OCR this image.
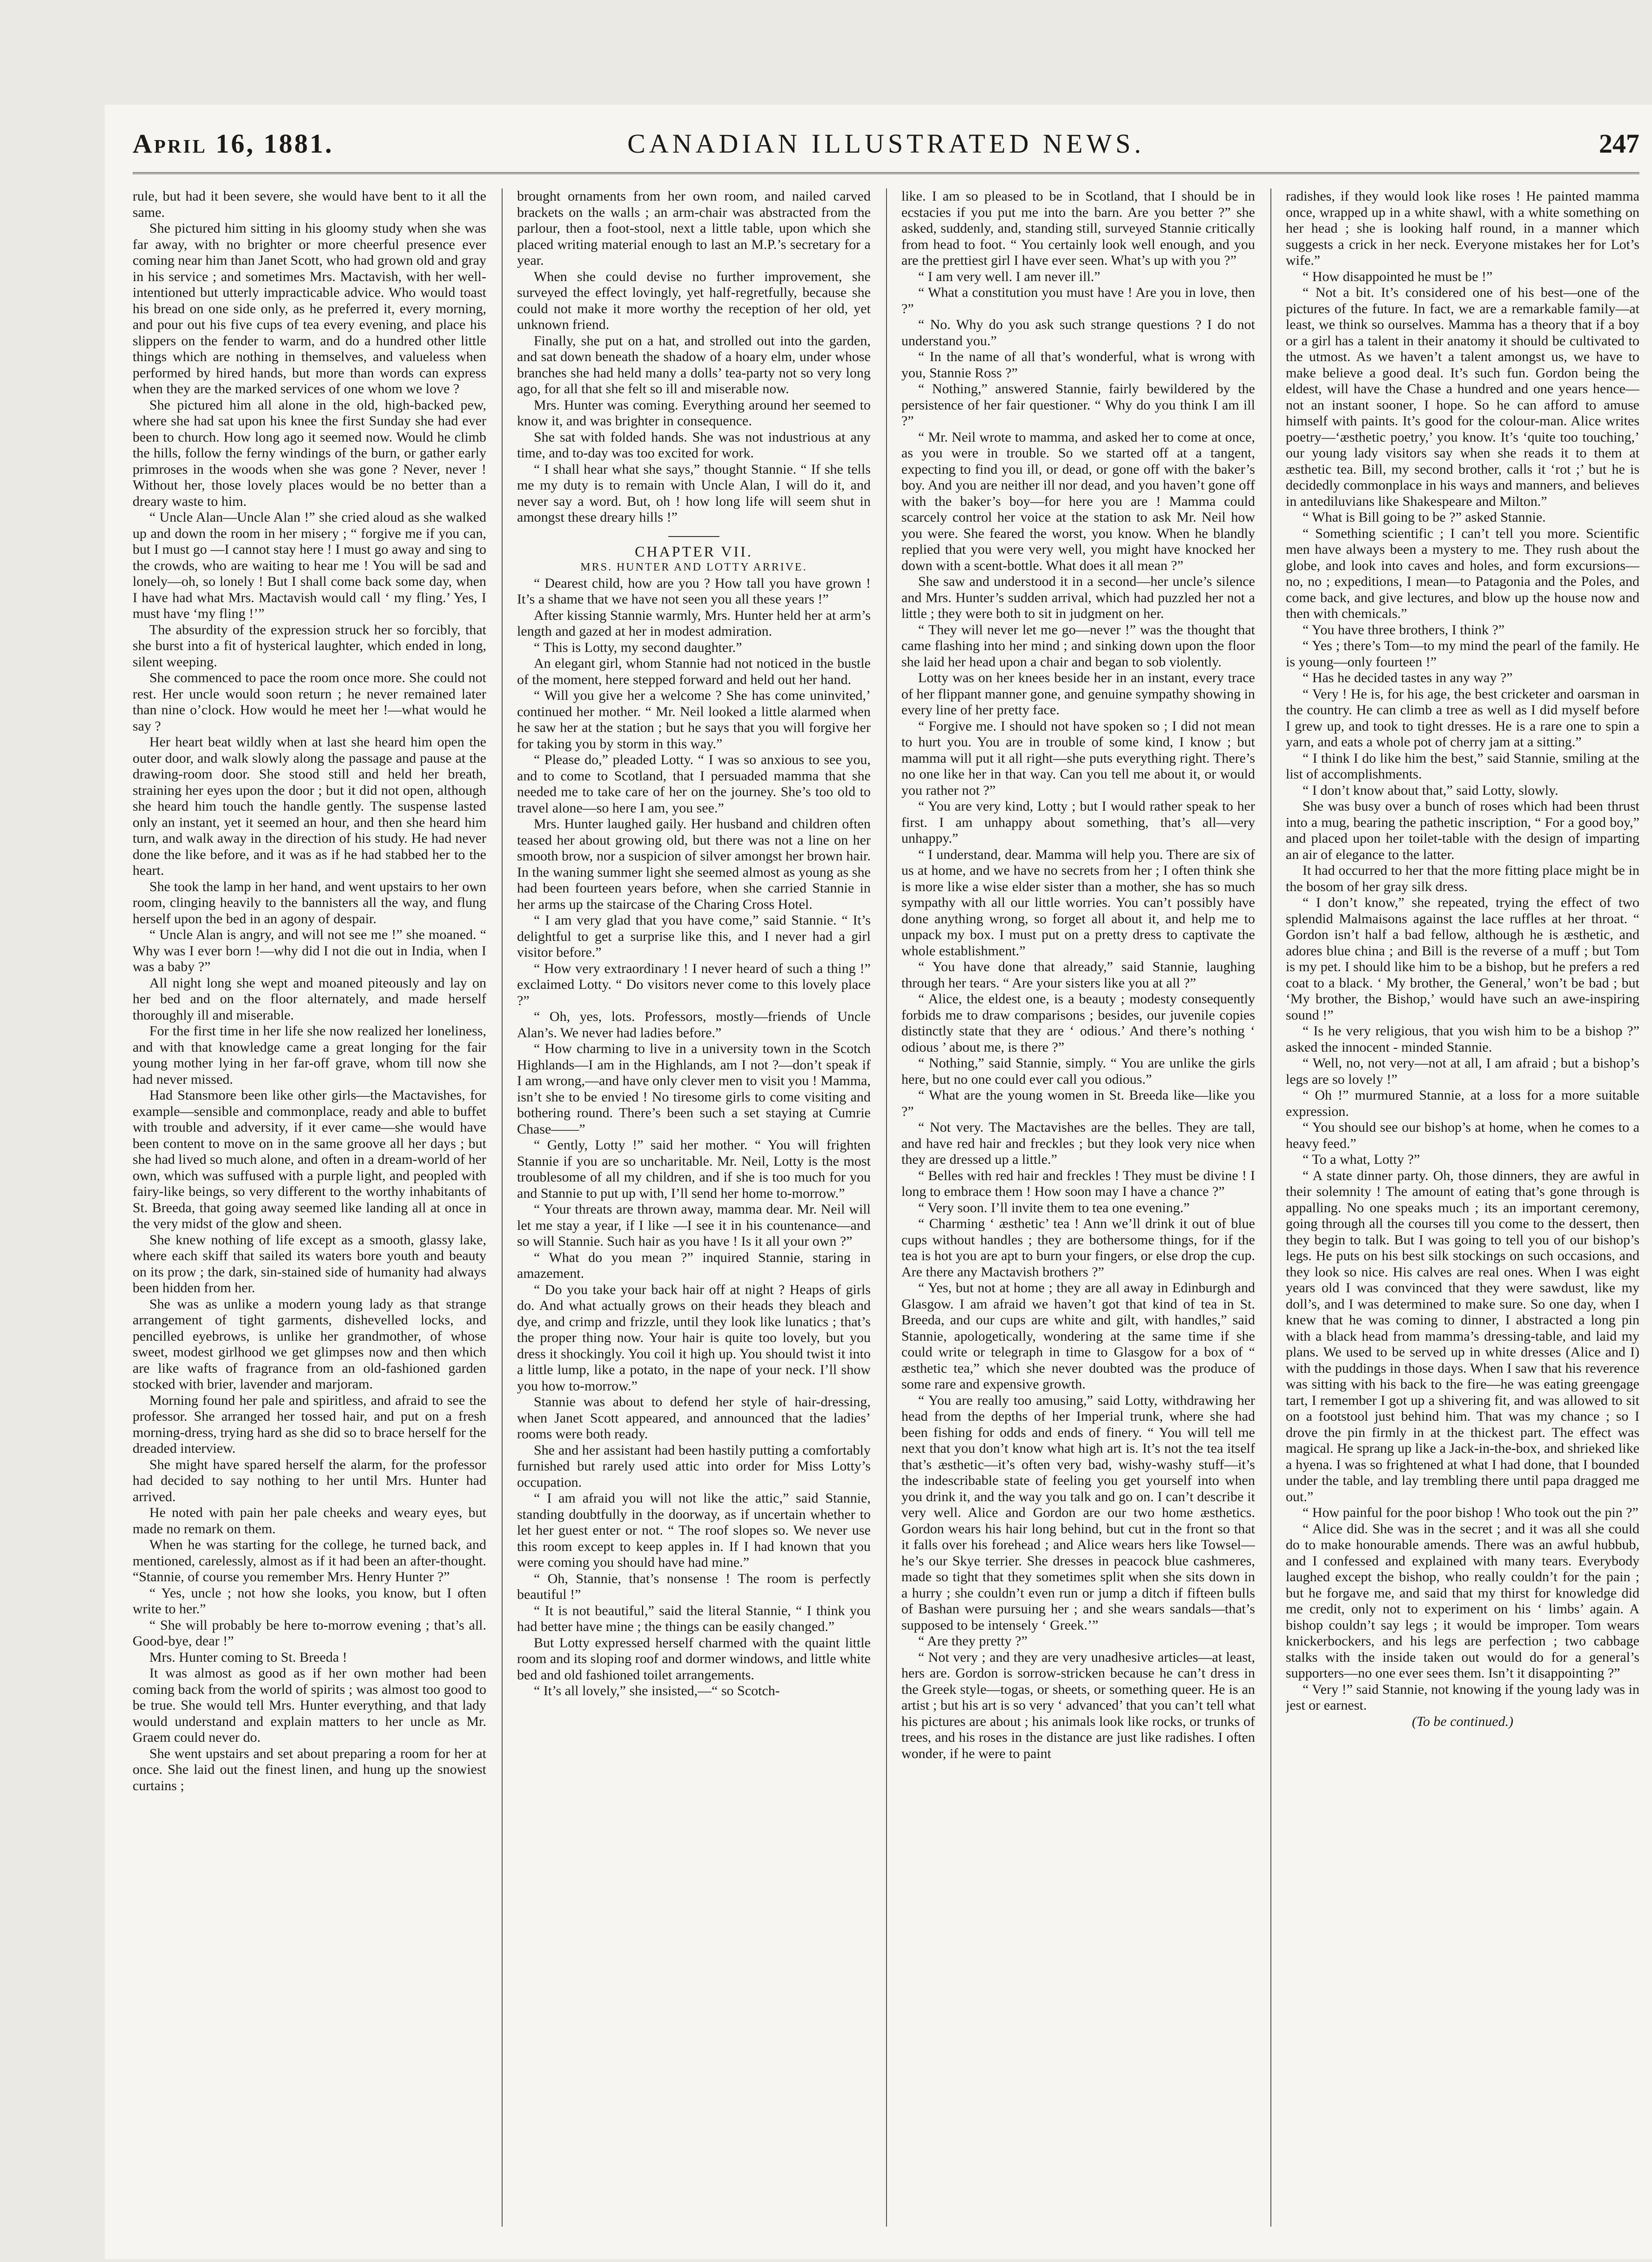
April 16, 1881.	CANADIAN ILLUSTRATED NEWS.	247

rule, but had it been severe, she would have bent to it all the same.

She pictured him sitting in his gloomy study when she was far away, with no brighter or more cheerful presence ever coming near him than Janet Scott, who had grown old and gray in his service ; and sometimes Mrs. Mactavish, with her well-intentioned but utterly impracticable advice. Who would toast his bread on one side only, as he preferred it, every morning, and pour out his five cups of tea every evening, and place his slippers on the fender to warm, and do a hundred other little things which are nothing in themselves, and valueless when performed by hired hands, but more than words can express when they are the marked services of one whom we love ?

She pictured him all alone in the old, high-backed pew, where she had sat upon his knee the first Sunday she had ever been to church. How long ago it seemed now. Would he climb the hills, follow the ferny windings of the burn, or gather early primroses in the woods when she was gone ? Never, never ! Without her, those lovely places would be no better than a dreary waste to him.

“ Uncle Alan—Uncle Alan !” she cried aloud as she walked up and down the room in her misery ; “ forgive me if you can, but I must go —I cannot stay here ! I must go away and sing to the crowds, who are waiting to hear me ! You will be sad and lonely—oh, so lonely ! But I shall come back some day, when I have had what Mrs. Mactavish would call ‘ my fling.’ Yes, I must have ‘my fling !’”

The absurdity of the expression struck her so forcibly, that she burst into a fit of hysterical laughter, which ended in long, silent weeping.

She commenced to pace the room once more. She could not rest. Her uncle would soon return ; he never remained later than nine o’clock. How would he meet her !—what would he say ?

Her heart beat wildly when at last she heard him open the outer door, and walk slowly along the passage and pause at the drawing-room door. She stood still and held her breath, straining her eyes upon the door ; but it did not open, although she heard him touch the handle gently. The suspense lasted only an instant, yet it seemed an hour, and then she heard him turn, and walk away in the direction of his study. He had never done the like before, and it was as if he had stabbed her to the heart.

She took the lamp in her hand, and went upstairs to her own room, clinging heavily to the bannisters all the way, and flung herself upon the bed in an agony of despair.

“ Uncle Alan is angry, and will not see me !” she moaned. “ Why was I ever born !—why did I not die out in India, when I was a baby ?”

All night long she wept and moaned piteously and lay on her bed and on the floor alternately, and made herself thoroughly ill and miserable.

For the first time in her life she now realized her loneliness, and with that knowledge came a great longing for the fair young mother lying in her far-off grave, whom till now she had never missed.

Had Stansmore been like other girls—the Mactavishes, for example—sensible and commonplace, ready and able to buffet with trouble and adversity, if it ever came—she would have been content to move on in the same groove all her days ; but she had lived so much alone, and often in a dream-world of her own, which was suffused with a purple light, and peopled with fairy-like beings, so very different to the worthy inhabitants of St. Breeda, that going away seemed like landing all at once in the very midst of the glow and sheen.

She knew nothing of life except as a smooth, glassy lake, where each skiff that sailed its waters bore youth and beauty on its prow ; the dark, sin-stained side of humanity had always been hidden from her.

She was as unlike a modern young lady as that strange arrangement of tight garments, dishevelled locks, and pencilled eyebrows, is unlike her grandmother, of whose sweet, modest girlhood we get glimpses now and then which are like wafts of fragrance from an old-fashioned garden stocked with brier, lavender and marjoram.

Morning found her pale and spiritless, and afraid to see the professor. She arranged her tossed hair, and put on a fresh morning-dress, trying hard as she did so to brace herself for the dreaded interview.

She might have spared herself the alarm, for the professor had decided to say nothing to her until Mrs. Hunter had arrived.

He noted with pain her pale cheeks and weary eyes, but made no remark on them.

When he was starting for the college, he turned back, and mentioned, carelessly, almost as if it had been an after-thought. “Stannie, of course you remember Mrs. Henry Hunter ?”

“ Yes, uncle ; not how she looks, you know, but I often write to her.”

“ She will probably be here to-morrow evening ; that’s all. Good-bye, dear !”

Mrs. Hunter coming to St. Breeda !

It was almost as good as if her own mother had been coming back from the world of spirits ; was almost too good to be true. She would tell Mrs. Hunter everything, and that lady would understand and explain matters to her uncle as Mr. Graem could never do.

She went upstairs and set about preparing a room for her at once. She laid out the finest linen, and hung up the snowiest curtains ;

brought ornaments from her own room, and nailed carved brackets on the walls ; an arm-chair was abstracted from the parlour, then a foot-stool, next a little table, upon which she placed writing material enough to last an M.P.’s secretary for a year.

When she could devise no further improvement, she surveyed the effect lovingly, yet half-regretfully, because she could not make it more worthy the reception of her old, yet unknown friend.

Finally, she put on a hat, and strolled out into the garden, and sat down beneath the shadow of a hoary elm, under whose branches she had held many a dolls’ tea-party not so very long ago, for all that she felt so ill and miserable now.

Mrs. Hunter was coming. Everything around her seemed to know it, and was brighter in consequence.

She sat with folded hands. She was not industrious at any time, and to-day was too excited for work.

“ I shall hear what she says,” thought Stannie. “ If she tells me my duty is to remain with Uncle Alan, I will do it, and never say a word. But, oh ! how long life will seem shut in amongst these dreary hills !”

CHAPTER VII.

MRS. HUNTER AND LOTTY ARRIVE.

“ Dearest child, how are you ? How tall you have grown ! It’s a shame that we have not seen you all these years !”

After kissing Stannie warmly, Mrs. Hunter held her at arm’s length and gazed at her in modest admiration.

“ This is Lotty, my second daughter.”

An elegant girl, whom Stannie had not noticed in the bustle of the moment, here stepped forward and held out her hand.

“ Will you give her a welcome ? She has come uninvited,’ continued her mother. “ Mr. Neil looked a little alarmed when he saw her at the station ; but he says that you will forgive her for taking you by storm in this way.”

“ Please do,” pleaded Lotty. “ I was so anxious to see you, and to come to Scotland, that I persuaded mamma that she needed me to take care of her on the journey. She’s too old to travel alone—so here I am, you see.”

Mrs. Hunter laughed gaily. Her husband and children often teased her about growing old, but there was not a line on her smooth brow, nor a suspicion of silver amongst her brown hair. In the waning summer light she seemed almost as young as she had been fourteen years before, when she carried Stannie in her arms up the staircase of the Charing Cross Hotel.

“ I am very glad that you have come,” said Stannie. “ It’s delightful to get a surprise like this, and I never had a girl visitor before.”

“ How very extraordinary ! I never heard of such a thing !” exclaimed Lotty. “ Do visitors never come to this lovely place ?”

“ Oh, yes, lots. Professors, mostly—friends of Uncle Alan’s. We never had ladies before.”

“ How charming to live in a university town in the Scotch Highlands—I am in the Highlands, am I not ?—don’t speak if I am wrong,—and have only clever men to visit you ! Mamma, isn’t she to be envied ! No tiresome girls to come visiting and bothering round. There’s been such a set staying at Cumrie Chase——”

“ Gently, Lotty !” said her mother. “ You will frighten Stannie if you are so uncharitable. Mr. Neil, Lotty is the most troublesome of all my children, and if she is too much for you and Stannie to put up with, I’ll send her home to-morrow.”

“ Your threats are thrown away, mamma dear. Mr. Neil will let me stay a year, if I like —I see it in his countenance—and so will Stannie. Such hair as you have ! Is it all your own ?”

“ What do you mean ?” inquired Stannie, staring in amazement.

“ Do you take your back hair off at night ? Heaps of girls do. And what actually grows on their heads they bleach and dye, and crimp and frizzle, until they look like lunatics ; that’s the proper thing now. Your hair is quite too lovely, but you dress it shockingly. You coil it high up. You should twist it into a little lump, like a potato, in the nape of your neck. I’ll show you how to-morrow.”

Stannie was about to defend her style of hair-dressing, when Janet Scott appeared, and announced that the ladies’ rooms were both ready.

She and her assistant had been hastily putting a comfortably furnished but rarely used attic into order for Miss Lotty’s occupation.

“ I am afraid you will not like the attic,” said Stannie, standing doubtfully in the doorway, as if uncertain whether to let her guest enter or not. “ The roof slopes so. We never use this room except to keep apples in. If I had known that you were coming you should have had mine.”

“ Oh, Stannie, that’s nonsense ! The room is perfectly beautiful !”

“ It is not beautiful,” said the literal Stannie, “ I think you had better have mine ; the things can be easily changed.”

But Lotty expressed herself charmed with the quaint little room and its sloping roof and dormer windows, and little white bed and old fashioned toilet arrangements.

“ It’s all lovely,” she insisted,—“ so Scotch-

like. I am so pleased to be in Scotland, that I should be in ecstacies if you put me into the barn. Are you better ?” she asked, suddenly, and, standing still, surveyed Stannie critically from head to foot. “ You certainly look well enough, and you are the prettiest girl I have ever seen. What’s up with you ?”

“ I am very well. I am never ill.”

“ What a constitution you must have ! Are you in love, then ?”

“ No. Why do you ask such strange questions ? I do not understand you.”

“ In the name of all that’s wonderful, what is wrong with you, Stannie Ross ?”

“ Nothing,” answered Stannie, fairly bewildered by the persistence of her fair questioner. “ Why do you think I am ill ?”

“ Mr. Neil wrote to mamma, and asked her to come at once, as you were in trouble. So we started off at a tangent, expecting to find you ill, or dead, or gone off with the baker’s boy. And you are neither ill nor dead, and you haven’t gone off with the baker’s boy—for here you are ! Mamma could scarcely control her voice at the station to ask Mr. Neil how you were. She feared the worst, you know. When he blandly replied that you were very well, you might have knocked her down with a scent-bottle. What does it all mean ?”

She saw and understood it in a second—her uncle’s silence and Mrs. Hunter’s sudden arrival, which had puzzled her not a little ; they were both to sit in judgment on her.

“ They will never let me go—never !” was the thought that came flashing into her mind ; and sinking down upon the floor she laid her head upon a chair and began to sob violently.

Lotty was on her knees beside her in an instant, every trace of her flippant manner gone, and genuine sympathy showing in every line of her pretty face.

“ Forgive me. I should not have spoken so ; I did not mean to hurt you. You are in trouble of some kind, I know ; but mamma will put it all right—she puts everything right. There’s no one like her in that way. Can you tell me about it, or would you rather not ?”

“ You are very kind, Lotty ; but I would rather speak to her first. I am unhappy about something, that’s all—very unhappy.”

“ I understand, dear. Mamma will help you. There are six of us at home, and we have no secrets from her ; I often think she is more like a wise elder sister than a mother, she has so much sympathy with all our little worries. You can’t possibly have done anything wrong, so forget all about it, and help me to unpack my box. I must put on a pretty dress to captivate the whole establishment.”

“ You have done that already,” said Stannie, laughing through her tears. “ Are your sisters like you at all ?”

“ Alice, the eldest one, is a beauty ; modesty consequently forbids me to draw comparisons ; besides, our juvenile copies distinctly state that they are ‘ odious.’ And there’s nothing ‘ odious ’ about me, is there ?”

“ Nothing,” said Stannie, simply. “ You are unlike the girls here, but no one could ever call you odious.”

“ What are the young women in St. Breeda like—like you ?”

“ Not very. The Mactavishes are the belles. They are tall, and have red hair and freckles ; but they look very nice when they are dressed up a little.”

“ Belles with red hair and freckles ! They must be divine ! I long to embrace them ! How soon may I have a chance ?”

“ Very soon. I’ll invite them to tea one evening.”

“ Charming ‘ æsthetic’ tea ! Ann we’ll drink it out of blue cups without handles ; they are bothersome things, for if the tea is hot you are apt to burn your fingers, or else drop the cup. Are there any Mactavish brothers ?”

“ Yes, but not at home ; they are all away in Edinburgh and Glasgow. I am afraid we haven’t got that kind of tea in St. Breeda, and our cups are white and gilt, with handles,” said Stannie, apologetically, wondering at the same time if she could write or telegraph in time to Glasgow for a box of “ æsthetic tea,” which she never doubted was the produce of some rare and expensive growth.

“ You are really too amusing,” said Lotty, withdrawing her head from the depths of her Imperial trunk, where she had been fishing for odds and ends of finery. “ You will tell me next that you don’t know what high art is. It’s not the tea itself that’s æsthetic—it’s often very bad, wishy-washy stuff—it’s the indescribable state of feeling you get yourself into when you drink it, and the way you talk and go on. I can’t describe it very well. Alice and Gordon are our two home æsthetics. Gordon wears his hair long behind, but cut in the front so that it falls over his forehead ; and Alice wears hers like Towsel—he’s our Skye terrier. She dresses in peacock blue cashmeres, made so tight that they sometimes split when she sits down in a hurry ; she couldn’t even run or jump a ditch if fifteen bulls of Bashan were pursuing her ; and she wears sandals—that’s supposed to be intensely ‘ Greek.’”

“ Are they pretty ?”

“ Not very ; and they are very unadhesive articles—at least, hers are. Gordon is sorrow-stricken because he can’t dress in the Greek style—togas, or sheets, or something queer. He is an artist ; but his art is so very ‘ advanced’ that you can’t tell what his pictures are about ; his animals look like rocks, or trunks of trees, and his roses in the distance are just like radishes. I often wonder, if he were to paint

radishes, if they would look like roses ! He painted mamma once, wrapped up in a white shawl, with a white something on her head ; she is looking half round, in a manner which suggests a crick in her neck. Everyone mistakes her for Lot’s wife.”

“ How disappointed he must be !”

“ Not a bit. It’s considered one of his best—one of the pictures of the future. In fact, we are a remarkable family—at least, we think so ourselves. Mamma has a theory that if a boy or a girl has a talent in their anatomy it should be cultivated to the utmost. As we haven’t a talent amongst us, we have to make believe a good deal. It’s such fun. Gordon being the eldest, will have the Chase a hundred and one years hence—not an instant sooner, I hope. So he can afford to amuse himself with paints. It’s good for the colour-man. Alice writes poetry—‘æsthetic poetry,’ you know. It’s ‘quite too touching,’ our young lady visitors say when she reads it to them at æsthetic tea. Bill, my second brother, calls it ‘rot ;’ but he is decidedly commonplace in his ways and manners, and believes in antediluvians like Shakespeare and Milton.”

“ What is Bill going to be ?” asked Stannie.

“ Something scientific ; I can’t tell you more. Scientific men have always been a mystery to me. They rush about the globe, and look into caves and holes, and form excursions—no, no ; expeditions, I mean—to Patagonia and the Poles, and come back, and give lectures, and blow up the house now and then with chemicals.”

“ You have three brothers, I think ?”

“ Yes ; there’s Tom—to my mind the pearl of the family. He is young—only fourteen !”

“ Has he decided tastes in any way ?”

“ Very ! He is, for his age, the best cricketer and oarsman in the country. He can climb a tree as well as I did myself before I grew up, and took to tight dresses. He is a rare one to spin a yarn, and eats a whole pot of cherry jam at a sitting.”

“ I think I do like him the best,” said Stannie, smiling at the list of accomplishments.

“ I don’t know about that,” said Lotty, slowly.

She was busy over a bunch of roses which had been thrust into a mug, bearing the pathetic inscription, “ For a good boy,” and placed upon her toilet-table with the design of imparting an air of elegance to the latter.

It had occurred to her that the more fitting place might be in the bosom of her gray silk dress.

“ I don’t know,” she repeated, trying the effect of two splendid Malmaisons against the lace ruffles at her throat. “ Gordon isn’t half a bad fellow, although he is æsthetic, and adores blue china ; and Bill is the reverse of a muff ; but Tom is my pet. I should like him to be a bishop, but he prefers a red coat to a black. ‘ My brother, the General,’ won’t be bad ; but ‘My brother, the Bishop,’ would have such an awe-inspiring sound !”

“ Is he very religious, that you wish him to be a bishop ?” asked the innocent - minded Stannie.

“ Well, no, not very—not at all, I am afraid ; but a bishop’s legs are so lovely !”

“ Oh !” murmured Stannie, at a loss for a more suitable expression.

“ You should see our bishop’s at home, when he comes to a heavy feed.”

“ To a what, Lotty ?”

“ A state dinner party. Oh, those dinners, they are awful in their solemnity ! The amount of eating that’s gone through is appalling. No one speaks much ; its an important ceremony, going through all the courses till you come to the dessert, then they begin to talk. But I was going to tell you of our bishop’s legs. He puts on his best silk stockings on such occasions, and they look so nice. His calves are real ones. When I was eight years old I was convinced that they were sawdust, like my doll’s, and I was determined to make sure. So one day, when I knew that he was coming to dinner, I abstracted a long pin with a black head from mamma’s dressing-table, and laid my plans. We used to be served up in white dresses (Alice and I) with the puddings in those days. When I saw that his reverence was sitting with his back to the fire—he was eating greengage tart, I remember I got up a shivering fit, and was allowed to sit on a footstool just behind him. That was my chance ; so I drove the pin firmly in at the thickest part. The effect was magical. He sprang up like a Jack-in-the-box, and shrieked like a hyena. I was so frightened at what I had done, that I bounded under the table, and lay trembling there until papa dragged me out.”

“ How painful for the poor bishop ! Who took out the pin ?”

“ Alice did. She was in the secret ; and it was all she could do to make honourable amends. There was an awful hubbub, and I confessed and explained with many tears. Everybody laughed except the bishop, who really couldn’t for the pain ; but he forgave me, and said that my thirst for knowledge did me credit, only not to experiment on his ‘ limbs’ again. A bishop couldn’t say legs ; it would be improper. Tom wears knickerbockers, and his legs are perfection ; two cabbage stalks with the inside taken out would do for a general’s supporters—no one ever sees them. Isn’t it disappointing ?”

“ Very !” said Stannie, not knowing if the young lady was in jest or earnest.

(To be continued.)
